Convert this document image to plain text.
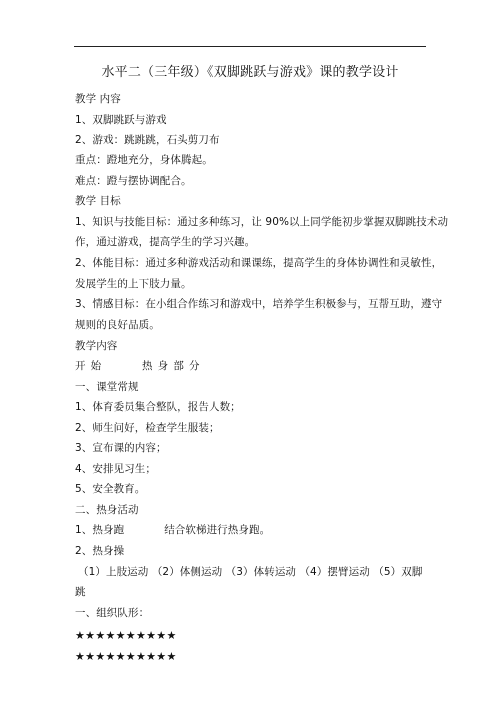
水平二（三年级）《双脚跳跃与游戏》课的教学设计
教学 内容
1、双脚跳跃与游戏
2、游戏：跳跳跳，石头剪刀布
重点：蹬地充分，身体腾起。
难点：蹬与摆协调配合。
教学 目标
1、知识与技能目标：通过多种练习，让 90%以上同学能初步掌握双脚跳技术动
作，通过游戏，提高学生的学习兴趣。
2、体能目标：通过多种游戏活动和课课练，提高学生的身体协调性和灵敏性，
发展学生的上下肢力量。
3、情感目标：在小组合作练习和游戏中，培养学生积极参与，互帮互助，遵守
规则的良好品质。
教学内容
开 始	热 身 部 分
一、课堂常规
1、体育委员集合整队，报告人数；
2、师生问好，检查学生服装；
3、宣布课的内容；
4、安排见习生；
5、安全教育。
二、热身活动
1、热身跑	结合软梯进行热身跑。
2、热身操
（1）上肢运动 （2）体侧运动 （3）体转运动 （4）摆臂运动 （5）双脚
跳
一、组织队形：
★★★★★★★★★★
★★★★★★★★★★
